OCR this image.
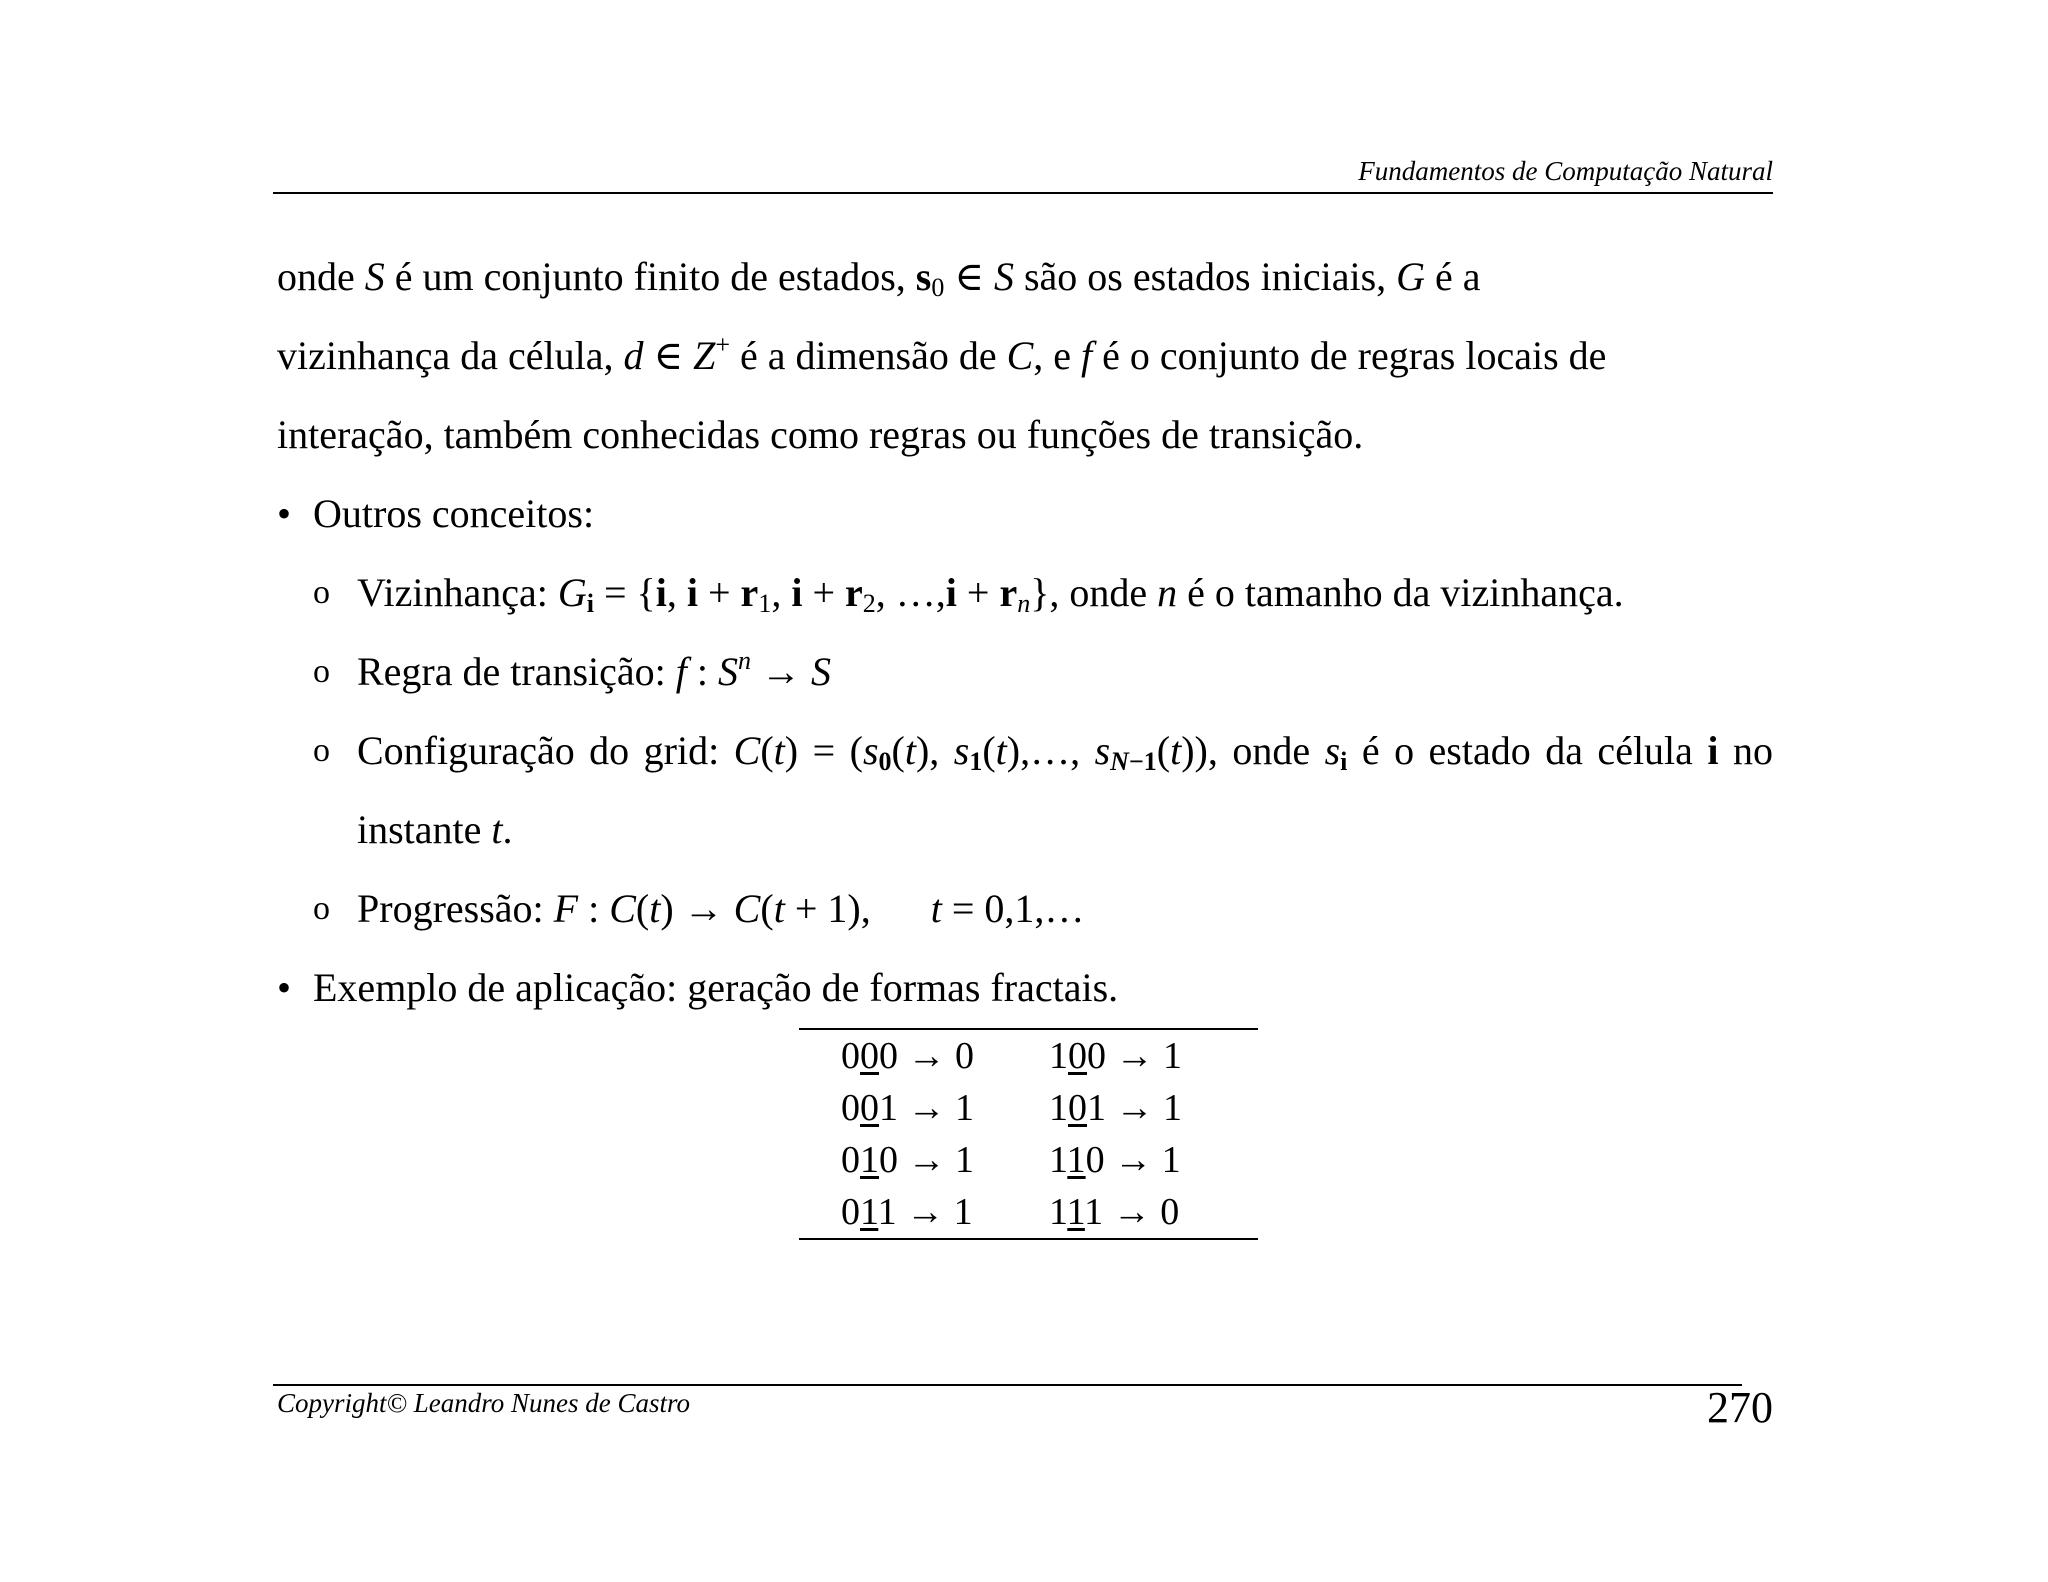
Fundamentos de Computação Natural

onde S é um conjunto finito de estados, $s_0$ ∈ S são os estados iniciais, G é a

vizinhança da célula, d ∈ Z+ é a dimensão de C, e f é o conjunto de regras locais de

interação, também conhecidas como regras ou funções de transição.

• Outros conceitos:

o Vizinhança: $G_i = \{i$, $i + r_1$, $i + r_2$, …,i + $r_n$}, onde n é o tamanho da vizinhança.

o Regra de transição: f : $S^n \to S$

o Configuração do grid: $C(t) = (s_0(t)$, $s_1(t),\dots$, $s_{N-1}(t)$), onde $s_i$ é o estado da célula i no instante t.

o Progressão: F : C(t) → C(t + 1),      t = 0,1,…

• Exemplo de aplicação: geração de formas fractais.

000 → 0	100 → 1
001 → 1	101 → 1
010 → 1	110 → 1
011 → 1	111 → 0
Copyright© Leandro Nunes de Castro	270
